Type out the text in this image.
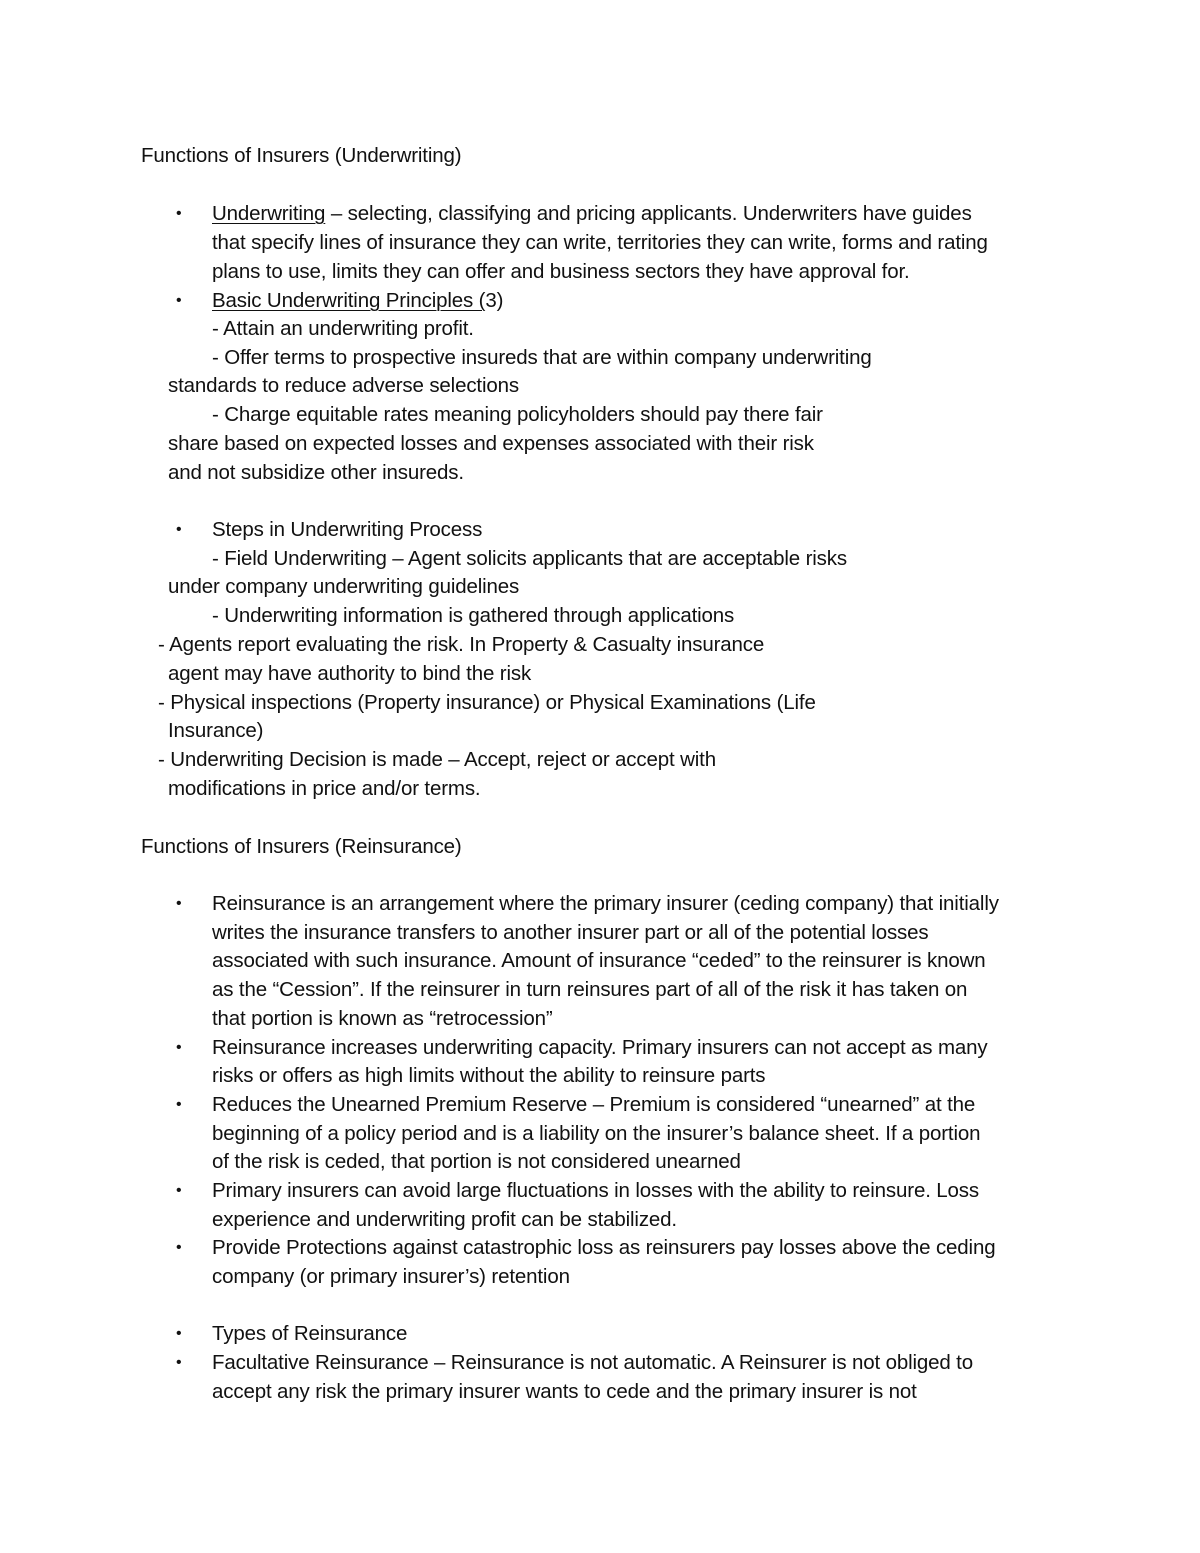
Functions of Insurers (Underwriting)
• Underwriting – selecting, classifying and pricing applicants. Underwriters have guides
that specify lines of insurance they can write, territories they can write, forms and rating
plans to use, limits they can offer and business sectors they have approval for.
• Basic Underwriting Principles (3)
- Attain an underwriting profit.
- Offer terms to prospective insureds that are within company underwriting
standards to reduce adverse selections
- Charge equitable rates meaning policyholders should pay there fair
share based on expected losses and expenses associated with their risk
and not subsidize other insureds.
• Steps in Underwriting Process
- Field Underwriting – Agent solicits applicants that are acceptable risks
under company underwriting guidelines
- Underwriting information is gathered through applications
- Agents report evaluating the risk. In Property & Casualty insurance
agent may have authority to bind the risk
- Physical inspections (Property insurance) or Physical Examinations (Life
Insurance)
- Underwriting Decision is made – Accept, reject or accept with
modifications in price and/or terms.
Functions of Insurers (Reinsurance)
• Reinsurance is an arrangement where the primary insurer (ceding company) that initially
writes the insurance transfers to another insurer part or all of the potential losses
associated with such insurance. Amount of insurance “ceded” to the reinsurer is known
as the “Cession”. If the reinsurer in turn reinsures part of all of the risk it has taken on
that portion is known as “retrocession”
• Reinsurance increases underwriting capacity. Primary insurers can not accept as many
risks or offers as high limits without the ability to reinsure parts
• Reduces the Unearned Premium Reserve – Premium is considered “unearned” at the
beginning of a policy period and is a liability on the insurer’s balance sheet. If a portion
of the risk is ceded, that portion is not considered unearned
• Primary insurers can avoid large fluctuations in losses with the ability to reinsure. Loss
experience and underwriting profit can be stabilized.
• Provide Protections against catastrophic loss as reinsurers pay losses above the ceding
company (or primary insurer’s) retention
• Types of Reinsurance
• Facultative Reinsurance – Reinsurance is not automatic. A Reinsurer is not obliged to
accept any risk the primary insurer wants to cede and the primary insurer is not
